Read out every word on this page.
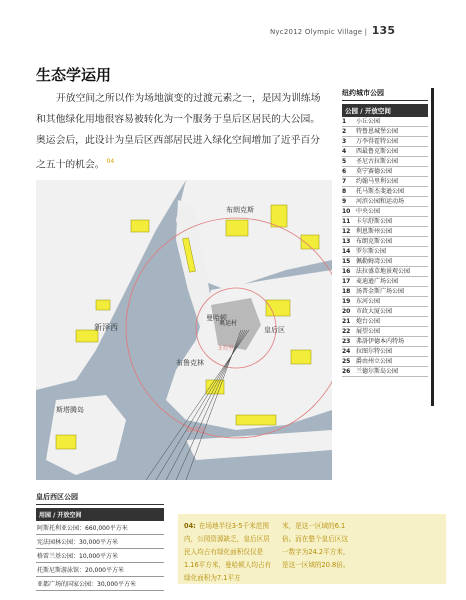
Nyc2012 Olympic Village | 135
生态学运用
开放空间之所以作为场地演变的过渡元素之一，是因为训练场和其他绿化用地很容易被转化为一个服务于皇后区居民的大公园。奥运会后，此设计为皇后区西部居民进入绿化空间增加了近乎百分之五十的机会。 $^{04}$
纽约城市公园
公园 / 开放空间
1	小丘公园
2	特鲁恩城堡公园
3	万李得霍特公园
4	西最鲁克斯公园
5	圣尼古拉斯公园
6	莫宁赛德公园
7	约翰马里利公园
8	托马斯杰斐逊公园
9	河滨公园和运动场
10 中央公园
11 卡尔舒斯公园
12 利恩斯州公园
13 布朗克斯公园
14 罗尔斯公园
15 佩勒姆湾公园
16 法拉盛草地景观公园
17 麦迪逊广场公园
18 汤普金斯广场公园
19 东河公园
20 市政大厦公园
21 炮台公园
22 展望公园
23 弗洛伊德本内特场
24 拉图尔特公园
25 爵由州立公园
26 兰德尔斯岛公园
新泽西
曼哈顿
皇后区
布鲁克林
斯塔腾岛
布朗克斯
3英里
10英里
奥运村
皇后西区公园
用园 / 开放空间
阿斯托利亚公园：660,000平方米
宪法园林公园：30,000平方米
格雷兰基公园：10,000平方米
托斯尼斯游泳馆：20,000平方米
亚都广场的国家公园：30,000平方米
04: 在场地半径3-5千米范围内，公园资源缺乏，皇后区居民人均占有绿化面积仅仅是1.16平方米，曼哈顿人均占有绿化面积为7.1平方
米，是这一区域的6.1倍。而在整个皇后区这一数字为24.2平方米，是这一区域的20.8倍。
